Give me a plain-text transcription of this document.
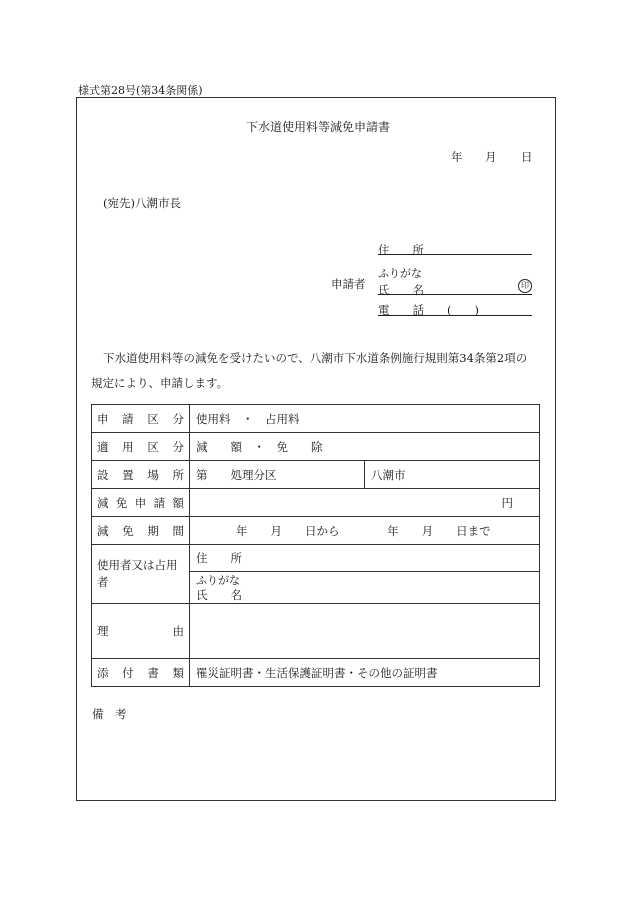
様式第28号(第34条関係)
下水道使用料等減免申請書
年 月 日
(宛先)八潮市長
住　　所
ふりがな
申請者 氏　　名	印
電　　話 (　　)
下水道使用料等の減免を受けたいので、八潮市下水道条例施行規則第34条第2項の
規定により、申請します。
申 請 区 分	使用料　・　占用料	

適 用 区 分	減　　額　・　免　　除	

設 置 場 所	第　　処理分区	八潮市

減 免 申 請 額	円	

減 免 期 間	年　　月　　日から 年　　月　　日まで	
使用者又は占用者	住　　所
ふりがな
氏　　名	

理 由		

添 付 書 類	罹災証明書・生活保護証明書・その他の証明書	
備　考
